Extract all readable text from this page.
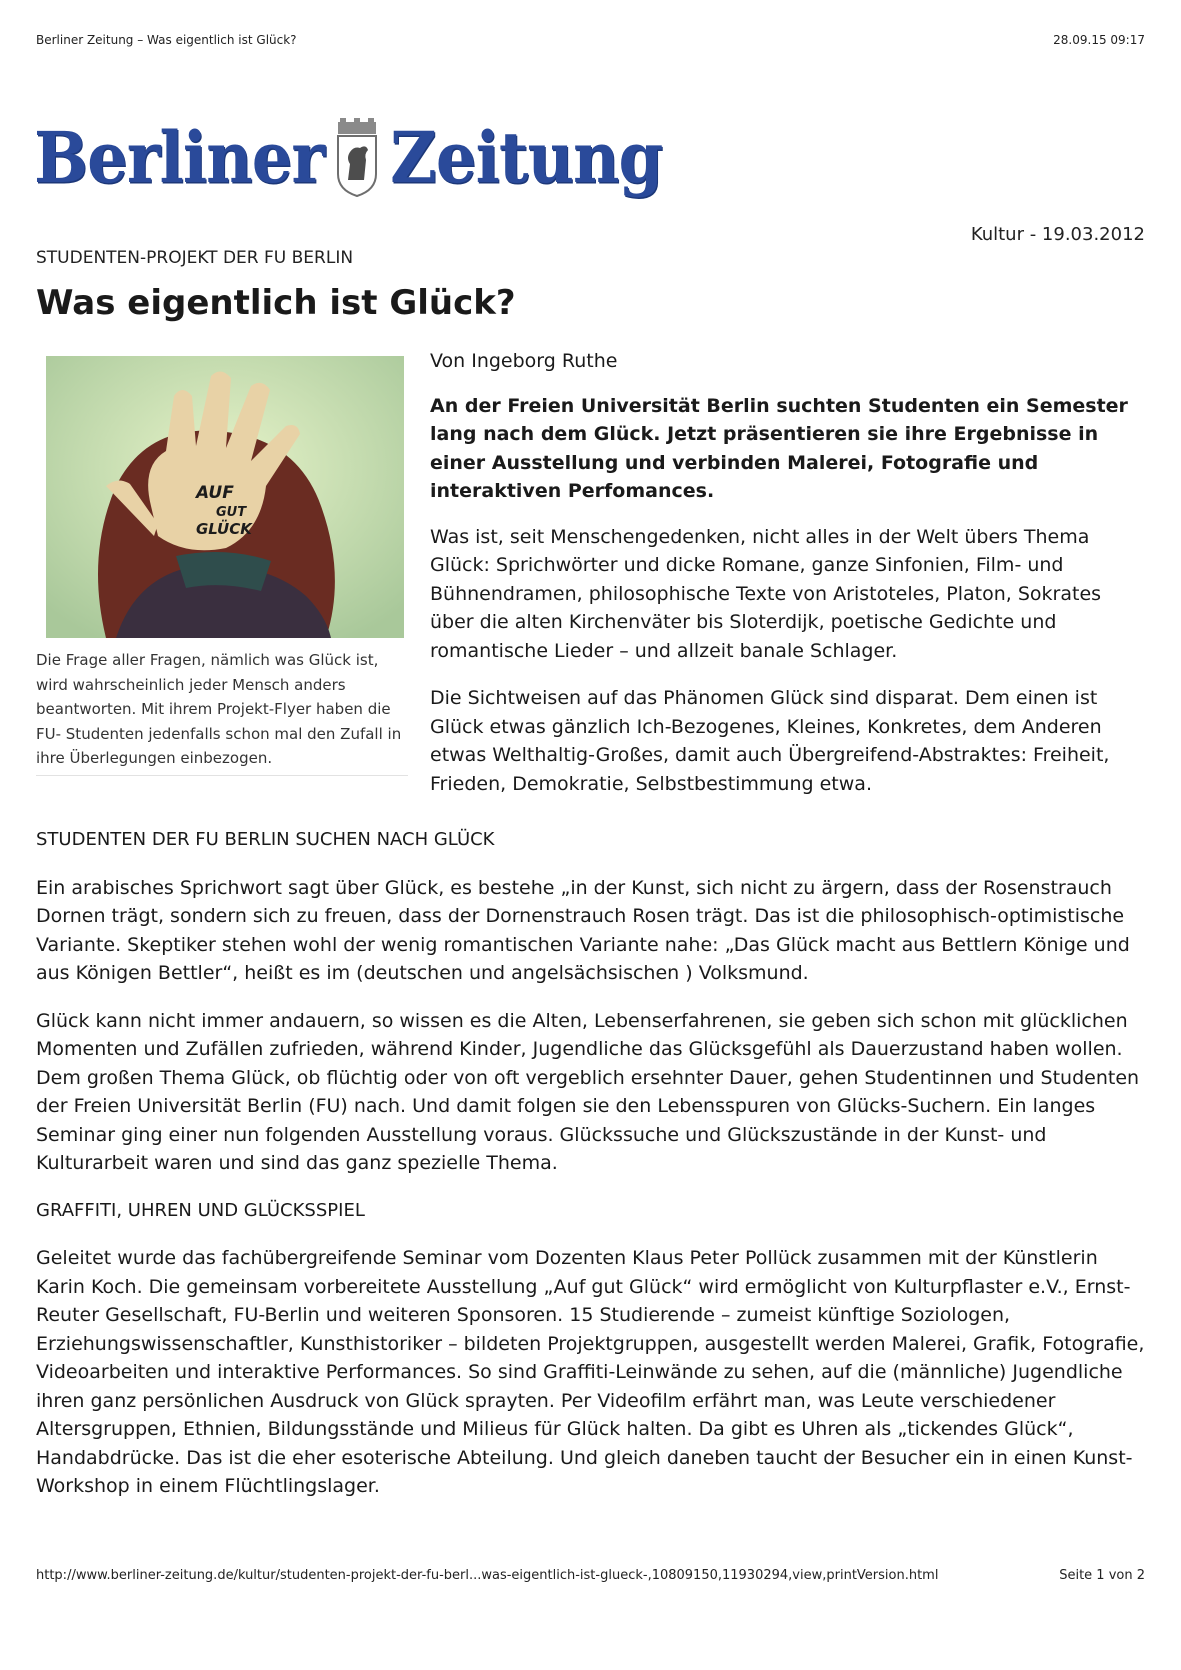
Berliner Zeitung – Was eigentlich ist Glück?	28.09.15 09:17
Berliner Zeitung
Kultur - 19.03.2012
STUDENTEN-PROJEKT DER FU BERLIN
Was eigentlich ist Glück?
AUF
GUT
GLÜCK
Die Frage aller Fragen, nämlich was Glück ist, wird wahrscheinlich jeder Mensch anders beantworten. Mit ihrem Projekt-Flyer haben die FU- Studenten jedenfalls schon mal den Zufall in ihre Überlegungen einbezogen.

Von Ingeborg Ruthe

An der Freien Universität Berlin suchten Studenten ein Semester lang nach dem Glück. Jetzt präsentieren sie ihre Ergebnisse in einer Ausstellung und verbinden Malerei, Fotografie und interaktiven Perfomances.

Was ist, seit Menschengedenken, nicht alles in der Welt übers Thema Glück: Sprichwörter und dicke Romane, ganze Sinfonien, Film- und Bühnendramen, philosophische Texte von Aristoteles, Platon, Sokrates über die alten Kirchenväter bis Sloterdijk, poetische Gedichte und romantische Lieder – und allzeit banale Schlager.

Die Sichtweisen auf das Phänomen Glück sind disparat. Dem einen ist Glück etwas gänzlich Ich-Bezogenes, Kleines, Konkretes, dem Anderen etwas Welthaltig-Großes, damit auch Übergreifend-Abstraktes: Freiheit, Frieden, Demokratie, Selbstbestimmung etwa.

STUDENTEN DER FU BERLIN SUCHEN NACH GLÜCK

Ein arabisches Sprichwort sagt über Glück, es bestehe „in der Kunst, sich nicht zu ärgern, dass der Rosenstrauch Dornen trägt, sondern sich zu freuen, dass der Dornenstrauch Rosen trägt. Das ist die philosophisch-optimistische Variante. Skeptiker stehen wohl der wenig romantischen Variante nahe: „Das Glück macht aus Bettlern Könige und aus Königen Bettler“, heißt es im (deutschen und angelsächsischen ) Volksmund.

Glück kann nicht immer andauern, so wissen es die Alten, Lebenserfahrenen, sie geben sich schon mit glücklichen Momenten und Zufällen zufrieden, während Kinder, Jugendliche das Glücksgefühl als Dauerzustand haben wollen. Dem großen Thema Glück, ob flüchtig oder von oft vergeblich ersehnter Dauer, gehen Studentinnen und Studenten der Freien Universität Berlin (FU) nach. Und damit folgen sie den Lebensspuren von Glücks-Suchern. Ein langes Seminar ging einer nun folgenden Ausstellung voraus. Glückssuche und Glückszustände in der Kunst- und Kulturarbeit waren und sind das ganz spezielle Thema.

GRAFFITI, UHREN UND GLÜCKSSPIEL

Geleitet wurde das fachübergreifende Seminar vom Dozenten Klaus Peter Pollück zusammen mit der Künstlerin Karin Koch. Die gemeinsam vorbereitete Ausstellung „Auf gut Glück“ wird ermöglicht von Kulturpflaster e.V., Ernst-Reuter Gesellschaft, FU-Berlin und weiteren Sponsoren. 15 Studierende – zumeist künftige Soziologen, Erziehungswissenschaftler, Kunsthistoriker – bildeten Projektgruppen, ausgestellt werden Malerei, Grafik, Fotografie, Videoarbeiten und interaktive Performances. So sind Graffiti-Leinwände zu sehen, auf die (männliche) Jugendliche ihren ganz persönlichen Ausdruck von Glück sprayten. Per Videofilm erfährt man, was Leute verschiedener Altersgruppen, Ethnien, Bildungsstände und Milieus für Glück halten. Da gibt es Uhren als „tickendes Glück“, Handabdrücke. Das ist die eher esoterische Abteilung. Und gleich daneben taucht der Besucher ein in einen Kunst-Workshop in einem Flüchtlingslager.

http://www.berliner-zeitung.de/kultur/studenten-projekt-der-fu-berl...was-eigentlich-ist-glueck-,10809150,11930294,view,printVersion.html	Seite 1 von 2
